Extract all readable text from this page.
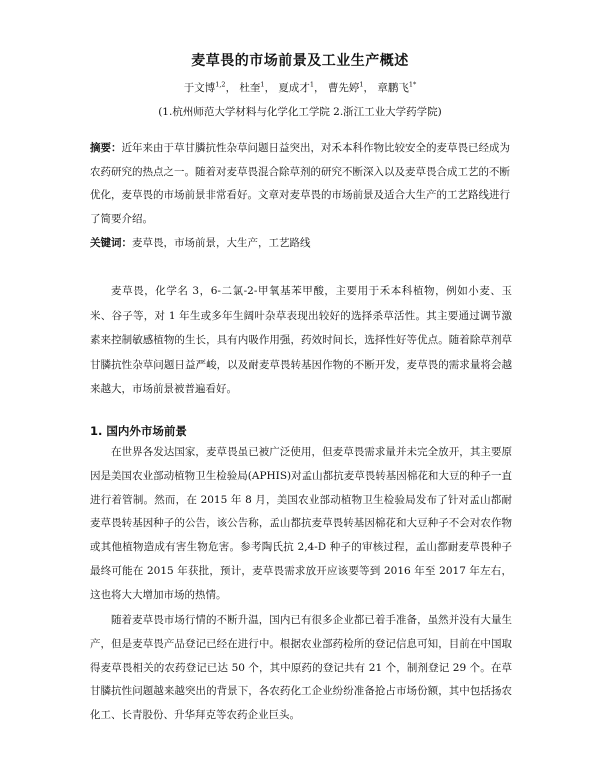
麦草畏的市场前景及工业生产概述
于文博$^{1,2}$， 杜奎$^1$， 夏成才$^1$， 曹先婷$^1$， 章鹏飞$^{1*}$
(1.杭州师范大学材料与化学化工学院 2.浙江工业大学药学院)
摘要：近年来由于草甘膦抗性杂草问题日益突出，对禾本科作物比较安全的麦草畏已经成为农药研究的热点之一。随着对麦草畏混合除草剂的研究不断深入以及麦草畏合成工艺的不断优化，麦草畏的市场前景非常看好。文章对麦草畏的市场前景及适合大生产的工艺路线进行了简要介绍。
关键词：麦草畏，市场前景，大生产，工艺路线

麦草畏，化学名 3，6-二氯-2-甲氧基苯甲酸，主要用于禾本科植物，例如小麦、玉米、谷子等，对 1 年生或多年生阔叶杂草表现出较好的选择杀草活性。其主要通过调节激素来控制敏感植物的生长，具有内吸作用强，药效时间长，选择性好等优点。随着除草剂草甘膦抗性杂草问题日益严峻，以及耐麦草畏转基因作物的不断开发，麦草畏的需求量将会越来越大，市场前景被普遍看好。

1. 国内外市场前景

在世界各发达国家，麦草畏虽已被广泛使用，但麦草畏需求量并未完全放开，其主要原因是美国农业部动植物卫生检验局(APHIS)对孟山都抗麦草畏转基因棉花和大豆的种子一直进行着管制。然而，在 2015 年 8 月，美国农业部动植物卫生检验局发布了针对孟山都耐麦草畏转基因种子的公告，该公告称，孟山都抗麦草畏转基因棉花和大豆种子不会对农作物或其他植物造成有害生物危害。参考陶氏抗 2,4-D 种子的审核过程，孟山都耐麦草畏种子最终可能在 2015 年获批，预计，麦草畏需求放开应该要等到 2016 年至 2017 年左右，这也将大大增加市场的热情。

随着麦草畏市场行情的不断升温，国内已有很多企业都已着手准备，虽然并没有大量生产，但是麦草畏产品登记已经在进行中。根据农业部药检所的登记信息可知，目前在中国取得麦草畏相关的农药登记已达 50 个，其中原药的登记共有 21 个，制剂登记 29 个。在草甘膦抗性问题越来越突出的背景下，各农药化工企业纷纷准备抢占市场份额，其中包括扬农化工、长青股份、升华拜克等农药企业巨头。
